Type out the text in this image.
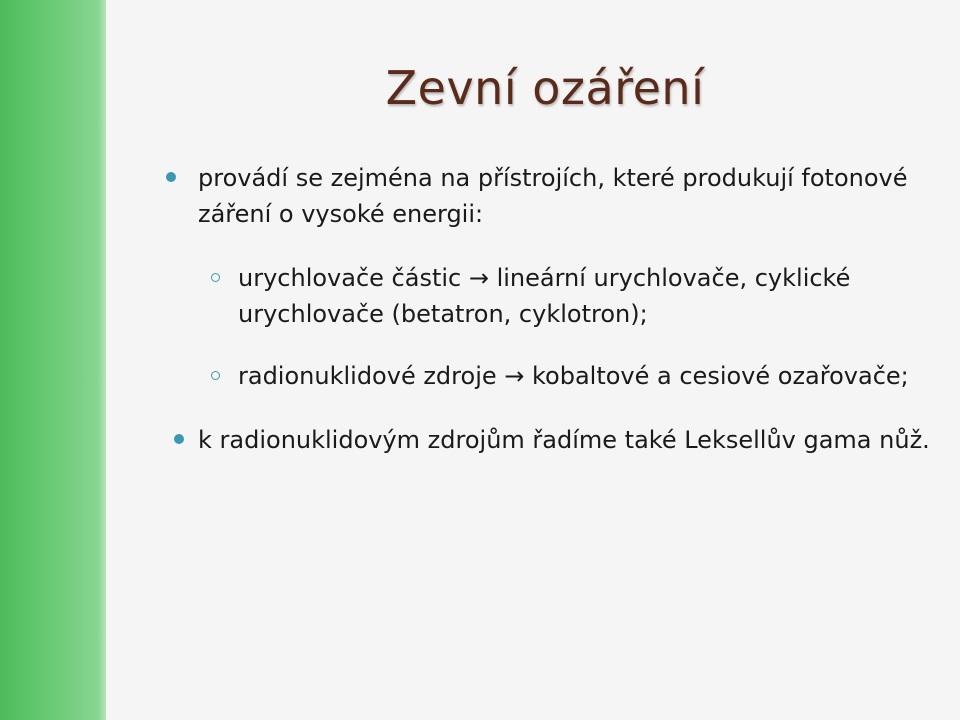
Zevní ozáření
provádí se zejména na přístrojích, které produkují fotonové záření o vysoké energii:
urychlovače částic → lineární urychlovače, cyklické urychlovače (betatron, cyklotron);
radionuklidové zdroje → kobaltové a cesiové ozařovače;
k radionuklidovým zdrojům řadíme také Leksellův gama nůž.
